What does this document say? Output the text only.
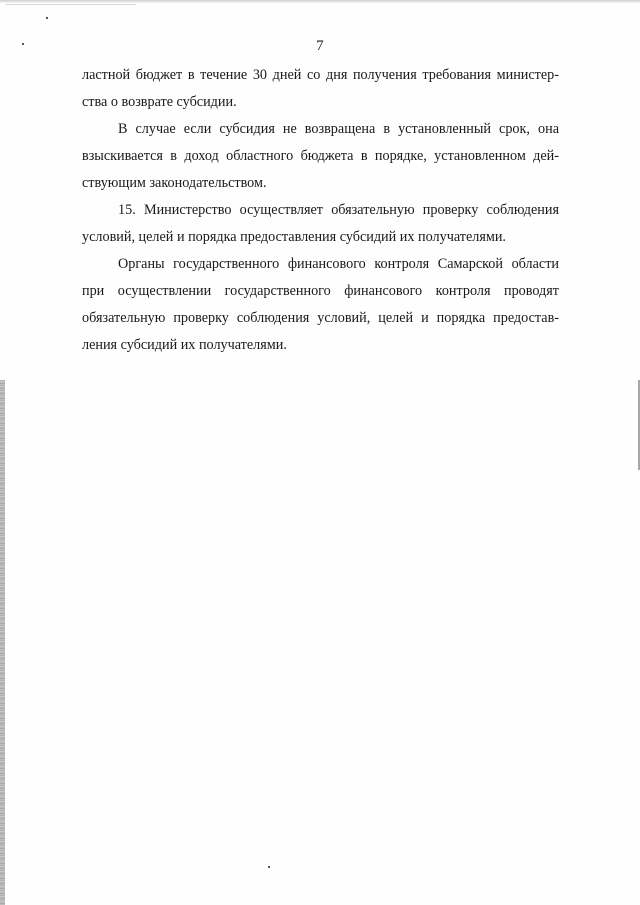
7

ластной бюджет в течение 30 дней со дня получения требования министер-ства о возврате субсидии.

В случае если субсидия не возвращена в установленный срок, она взыскивается в доход областного бюджета в порядке, установленном дей-ствующим законодательством.

15. Министерство осуществляет обязательную проверку соблюдения условий, целей и порядка предоставления субсидий их получателями.

Органы государственного финансового контроля Самарской области при осуществлении государственного финансового контроля проводят обязательную проверку соблюдения условий, целей и порядка предостав-ления субсидий их получателями.
